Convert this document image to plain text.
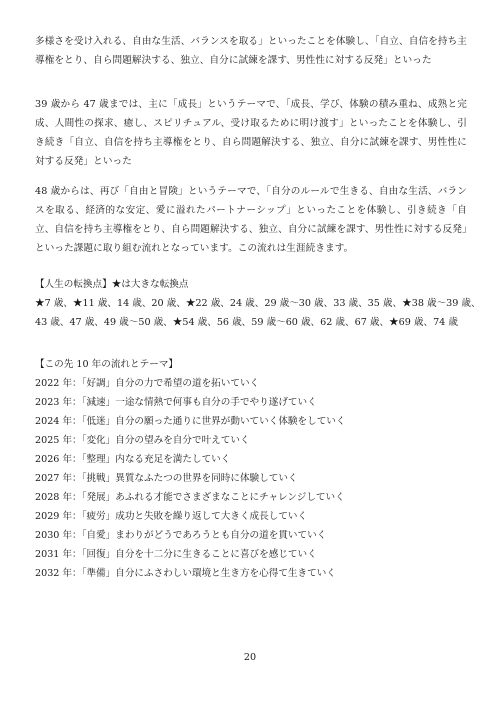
多様さを受け入れる、自由な生活、バランスを取る」といったことを体験し、「自立、自信を持ち主導権をとり、自ら問題解決する、独立、自分に試練を課す、男性性に対する反発」といった

39 歳から 47 歳までは、主に「成長」というテーマで、「成長、学び、体験の積み重ね、成熟と完成、人間性の探求、癒し、スピリチュアル、受け取るために明け渡す」といったことを体験し、引き続き「自立、自信を持ち主導権をとり、自ら問題解決する、独立、自分に試練を課す、男性性に対する反発」といった

48 歳からは、再び「自由と冒険」というテーマで、「自分のルールで生きる、自由な生活、バランスを取る、経済的な安定、愛に溢れたパートナーシップ」といったことを体験し、引き続き「自立、自信を持ち主導権をとり、自ら問題解決する、独立、自分に試練を課す、男性性に対する反発」といった課題に取り組む流れとなっています。この流れは生涯続きます。

【人生の転換点】★は大きな転換点
★7 歳、★11 歳、14 歳、20 歳、★22 歳、24 歳、29 歳〜30 歳、33 歳、35 歳、★38 歳〜39 歳、
43 歳、47 歳、49 歳〜50 歳、★54 歳、56 歳、59 歳〜60 歳、62 歳、67 歳、★69 歳、74 歳
【この先 10 年の流れとテーマ】
2022 年：「好調」自分の力で希望の道を拓いていく
2023 年：「減速」一途な情熱で何事も自分の手でやり遂げていく
2024 年：「低迷」自分の願った通りに世界が動いていく体験をしていく
2025 年：「変化」自分の望みを自分で叶えていく
2026 年：「整理」内なる充足を満たしていく
2027 年：「挑戦」異質なふたつの世界を同時に体験していく
2028 年：「発展」あふれる才能でさまざまなことにチャレンジしていく
2029 年：「疲労」成功と失敗を繰り返して大きく成長していく
2030 年：「自愛」まわりがどうであろうとも自分の道を貫いていく
2031 年：「回復」自分を十二分に生きることに喜びを感じていく
2032 年：「準備」自分にふさわしい環境と生き方を心得て生きていく
20
